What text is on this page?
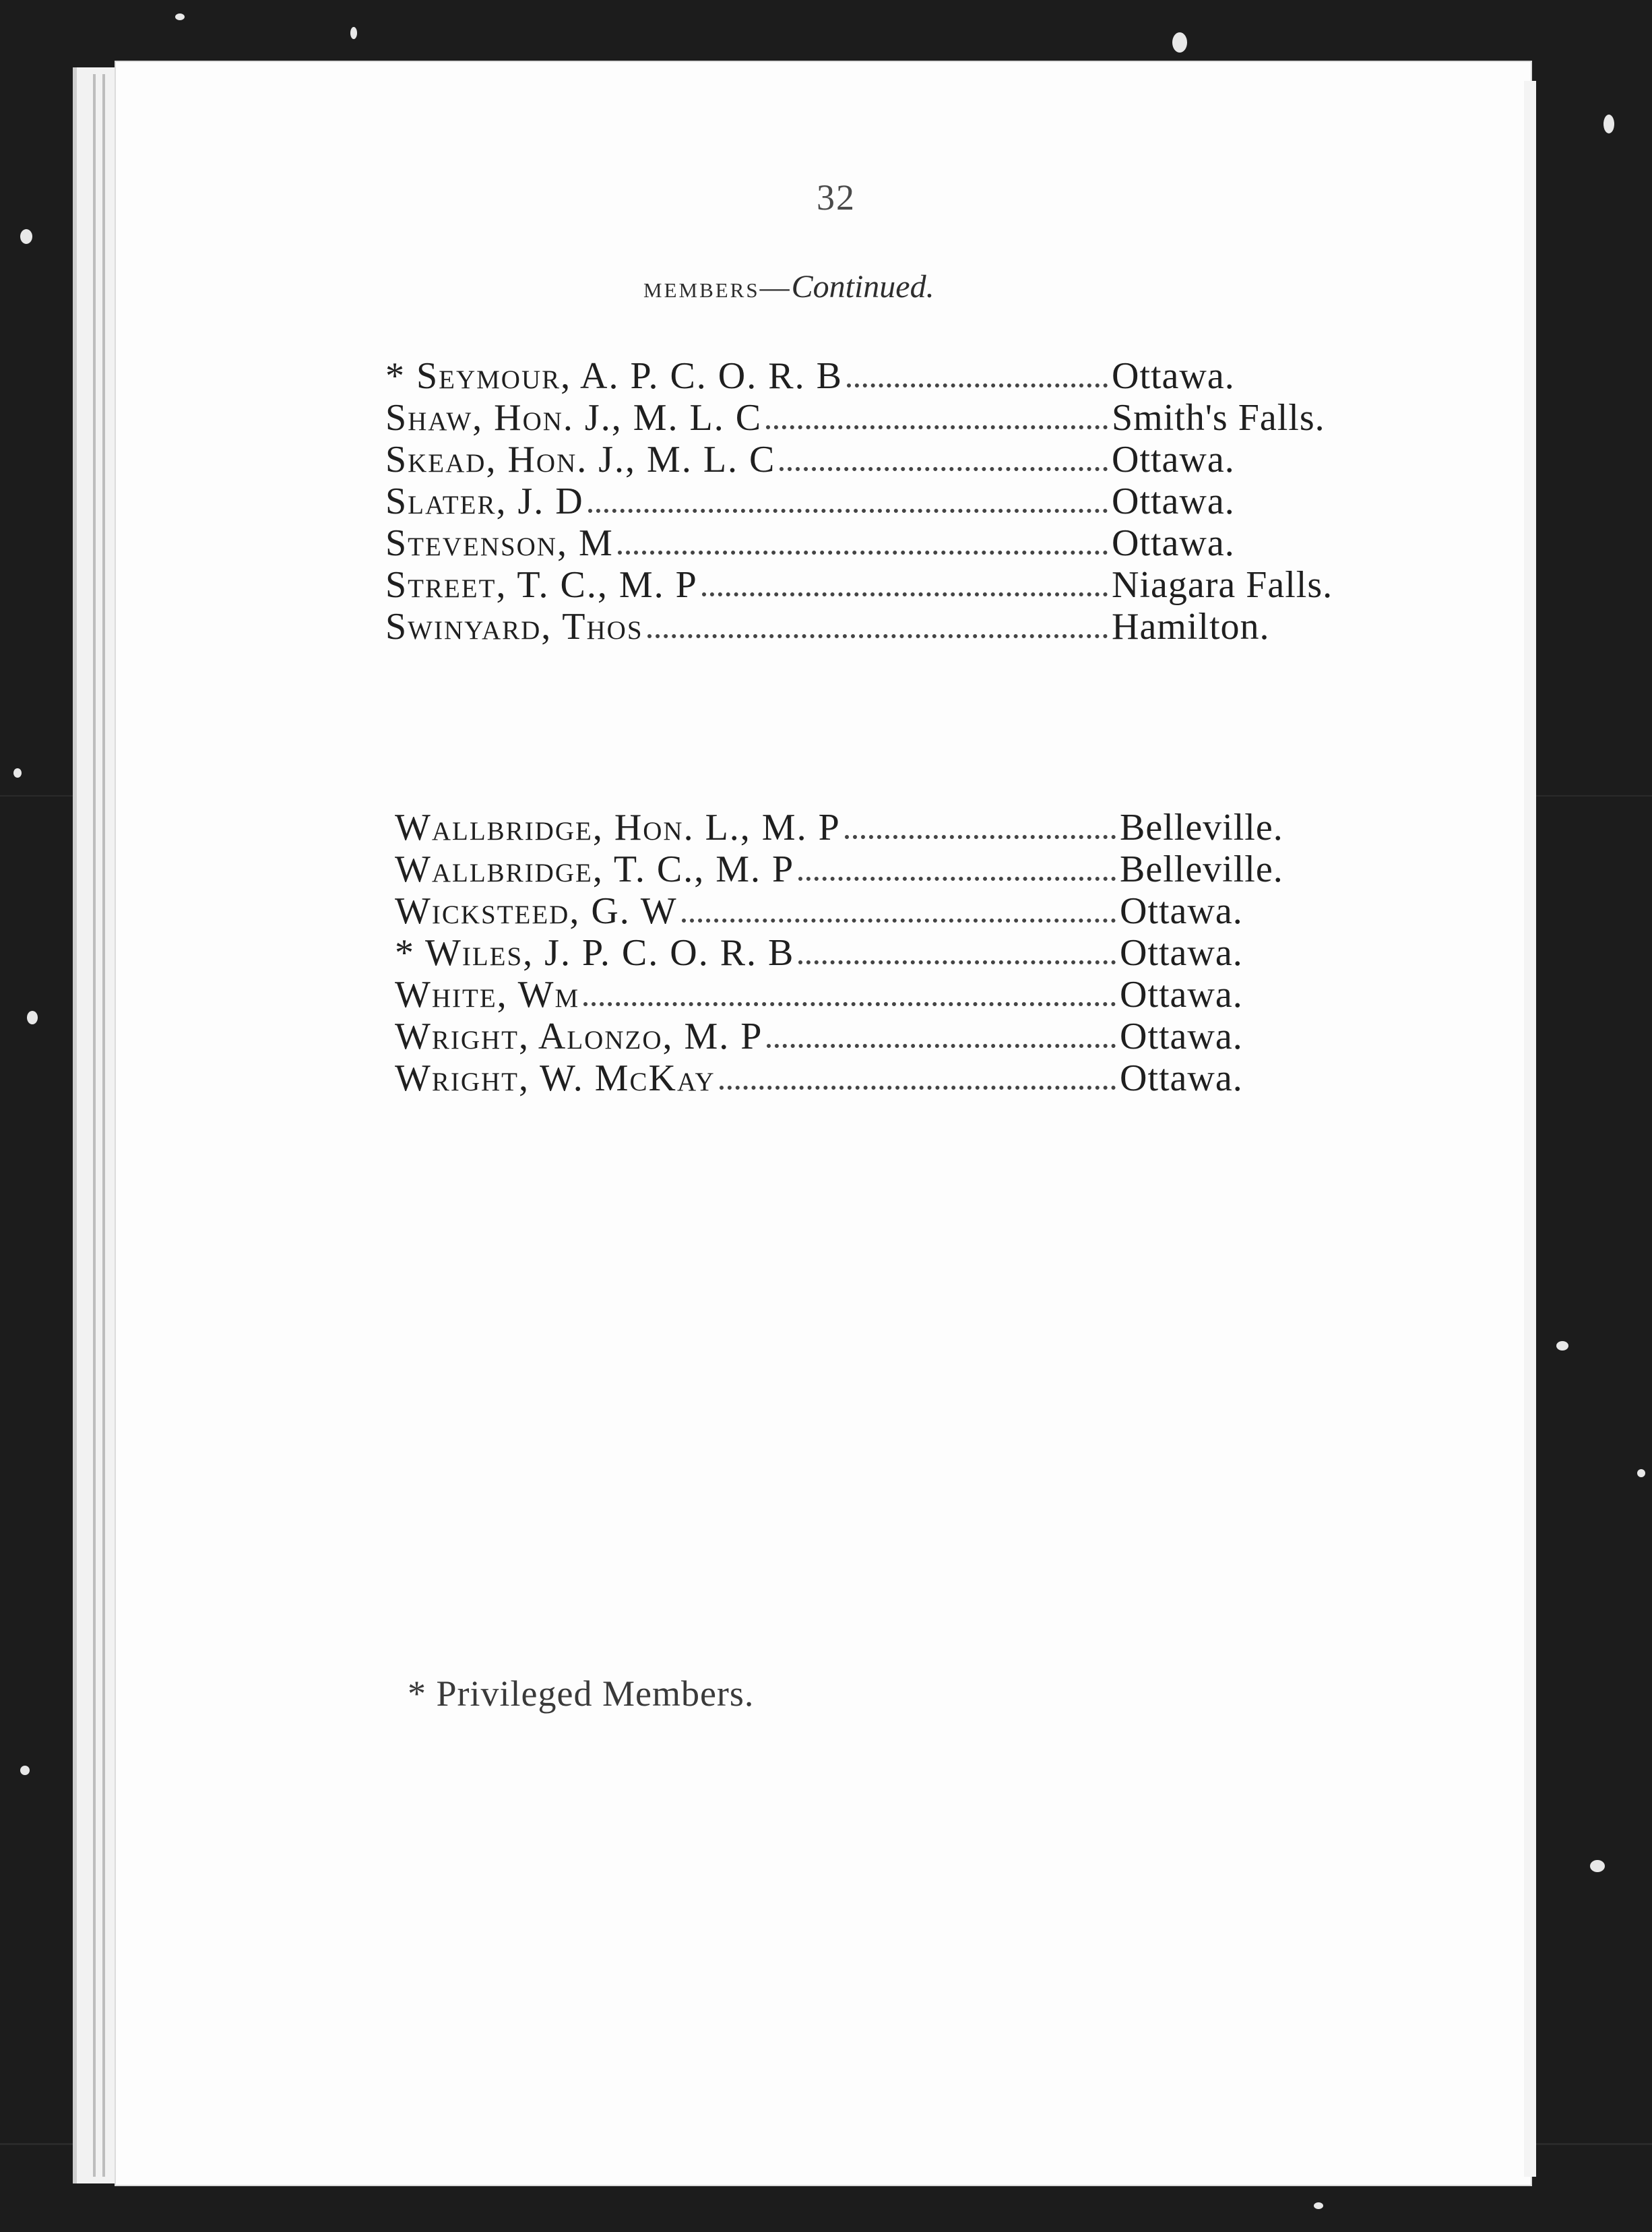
32
members—Continued.
* Seymour, A. P. C. O. R. B	Ottawa.
Shaw, Hon. J., M. L. C	Smith's Falls.
Skead, Hon. J., M. L. C	Ottawa.
Slater, J. D	Ottawa.
Stevenson, M	Ottawa.
Street, T. C., M. P	Niagara Falls.
Swinyard, Thos	Hamilton.
Wallbridge, Hon. L., M. P	Belleville.
Wallbridge, T. C., M. P	Belleville.
Wicksteed, G. W	Ottawa.
* Wiles, J. P. C. O. R. B	Ottawa.
White, Wm	Ottawa.
Wright, Alonzo, M. P	Ottawa.
Wright, W. McKay	Ottawa.
* Privileged Members.
